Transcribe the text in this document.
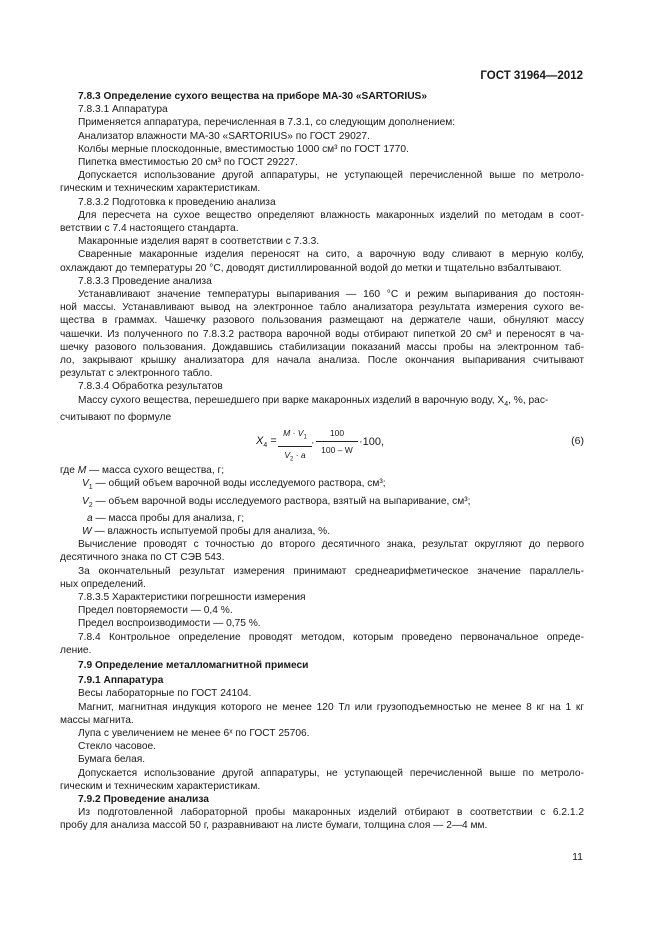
ГОСТ 31964—2012
7.8.3 Определение сухого вещества на приборе МА-30 «SARTORIUS»
7.8.3.1 Аппаратура
Применяется аппаратура, перечисленная в 7.3.1, со следующим дополнением:
Анализатор влажности МА-30 «SARTORIUS» по ГОСТ 29027.
Колбы мерные плоскодонные, вместимостью 1000 см³ по ГОСТ 1770.
Пипетка вместимостью 20 см³ по ГОСТ 29227.
Допускается использование другой аппаратуры, не уступающей перечисленной выше по метроло-
гическим и техническим характеристикам.
7.8.3.2 Подготовка к проведению анализа
Для пересчета на сухое вещество определяют влажность макаронных изделий по методам в соот-
ветствии с 7.4 настоящего стандарта.
Макаронные изделия варят в соответствии с 7.3.3.
Сваренные макаронные изделия переносят на сито, а варочную воду сливают в мерную колбу,
охлаждают до температуры 20 °С, доводят дистиллированной водой до метки и тщательно взбалтывают.
7.8.3.3 Проведение анализа
Устанавливают значение температуры выпаривания — 160 °С и режим выпаривания до постоян-
ной массы. Устанавливают вывод на электронное табло анализатора результата измерения сухого ве-
щества в граммах. Чашечку разового пользования размещают на держателе чаши, обнуляют массу
чашечки. Из полученного по 7.8.3.2 раствора варочной воды отбирают пипеткой 20 см³ и переносят в ча-
шечку разового пользования. Дождавшись стабилизации показаний массы пробы на электронном таб-
ло, закрывают крышку анализатора для начала анализа. После окончания выпаривания считывают
результат с электронного табло.
7.8.3.4 Обработка результатов
Массу сухого вещества, перешедшего при варке макаронных изделий в варочную воду, $X_4$, %, рас-
считывают по формуле
$X_4 = \frac{M \cdot V_1}{V_2 \cdot a} \cdot \frac{100}{100 - W} \cdot 100$,	(6)
где M — масса сухого вещества, г;
$V_1$ — общий объем варочной воды исследуемого раствора, см³;
$V_2$ — объем варочной воды исследуемого раствора, взятый на выпаривание, см³;
a — масса пробы для анализа, г;
W — влажность испытуемой пробы для анализа, %.
Вычисление проводят с точностью до второго десятичного знака, результат округляют до первого
десятичного знака по СТ СЭВ 543.
За окончательный результат измерения принимают среднеарифметическое значение параллель-
ных определений.
7.8.3.5 Характеристики погрешности измерения
Предел повторяемости — 0,4 %.
Предел воспроизводимости — 0,75 %.
7.8.4 Контрольное определение проводят методом, которым проведено первоначальное опреде-
ление.
7.9 Определение металломагнитной примеси
7.9.1 Аппаратура
Весы лабораторные по ГОСТ 24104.
Магнит, магнитная индукция которого не менее 120 Тл или грузоподъемностью не менее 8 кг на 1 кг
массы магнита.
Лупа с увеличением не менее 6ˣ по ГОСТ 25706.
Стекло часовое.
Бумага белая.
Допускается использование другой аппаратуры, не уступающей перечисленной выше по метроло-
гическим и техническим характеристикам.
7.9.2 Проведение анализа
Из подготовленной лабораторной пробы макаронных изделий отбирают в соответствии с 6.2.1.2
пробу для анализа массой 50 г, разравнивают на листе бумаги, толщина слоя — 2—4 мм.
11
